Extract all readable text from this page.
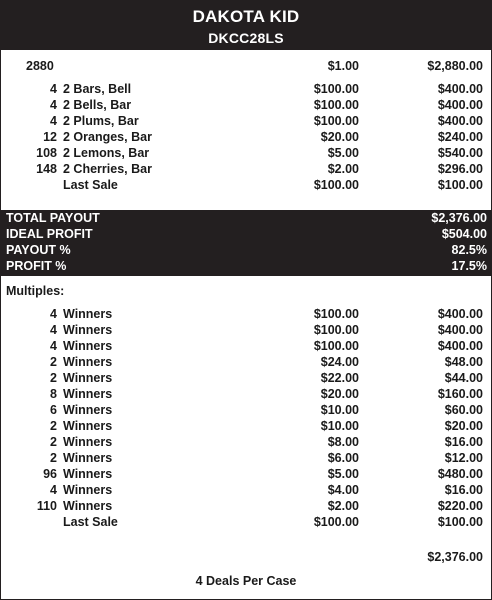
DAKOTA KID
DKCC28LS
2880	$1.00	$2,880.00
4 2 Bars, Bell	$100.00	$400.00
4 2 Bells, Bar	$100.00	$400.00
4 2 Plums, Bar	$100.00	$400.00
12 2 Oranges, Bar	$20.00	$240.00
108 2 Lemons, Bar	$5.00	$540.00
148 2 Cherries, Bar	$2.00	$296.00
Last Sale	$100.00	$100.00
TOTAL PAYOUT	$2,376.00
IDEAL PROFIT	$504.00
PAYOUT %	82.5%
PROFIT %	17.5%
Multiples:
4 Winners	$100.00	$400.00
4 Winners	$100.00	$400.00
4 Winners	$100.00	$400.00
2 Winners	$24.00	$48.00
2 Winners	$22.00	$44.00
8 Winners	$20.00	$160.00
6 Winners	$10.00	$60.00
2 Winners	$10.00	$20.00
2 Winners	$8.00	$16.00
2 Winners	$6.00	$12.00
96 Winners	$5.00	$480.00
4 Winners	$4.00	$16.00
110 Winners	$2.00	$220.00
Last Sale	$100.00	$100.00
$2,376.00
4 Deals Per Case
